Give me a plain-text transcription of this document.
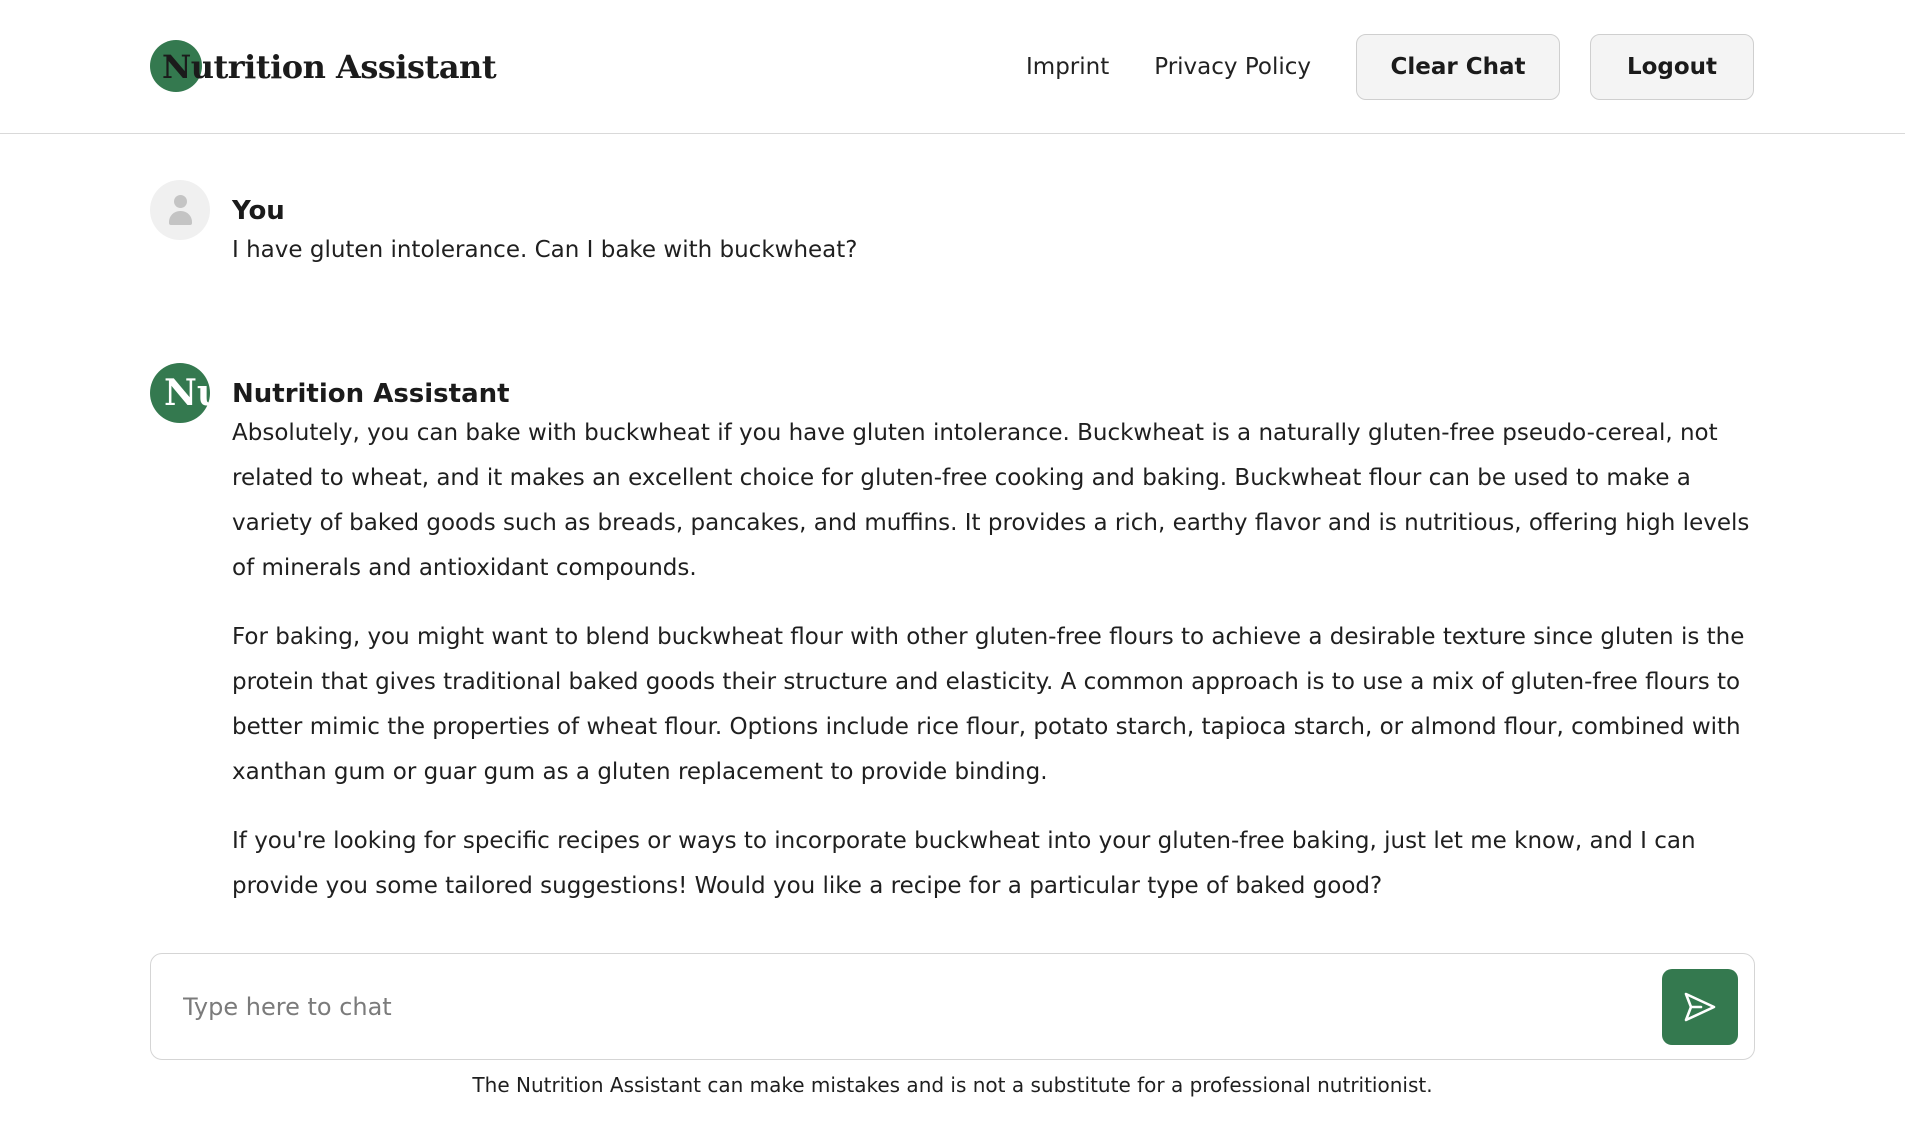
Nutrition Assistant	Imprint Privacy Policy	Clear Chat	Logout
You

I have gluten intolerance. Can I bake with buckwheat?

Nu Nutrition Assistant

Absolutely, you can bake with buckwheat if you have gluten intolerance. Buckwheat is a naturally gluten-free pseudo-cereal, not related to wheat, and it makes an excellent choice for gluten-free cooking and baking. Buckwheat flour can be used to make a variety of baked goods such as breads, pancakes, and muffins. It provides a rich, earthy flavor and is nutritious, offering high levels of minerals and antioxidant compounds.

For baking, you might want to blend buckwheat flour with other gluten-free flours to achieve a desirable texture since gluten is the protein that gives traditional baked goods their structure and elasticity. A common approach is to use a mix of gluten-free flours to better mimic the properties of wheat flour. Options include rice flour, potato starch, tapioca starch, or almond flour, combined with xanthan gum or guar gum as a gluten replacement to provide binding.

If you're looking for specific recipes or ways to incorporate buckwheat into your gluten-free baking, just let me know, and I can provide you some tailored suggestions! Would you like a recipe for a particular type of baked good?

Type here to chat
The Nutrition Assistant can make mistakes and is not a substitute for a professional nutritionist.
